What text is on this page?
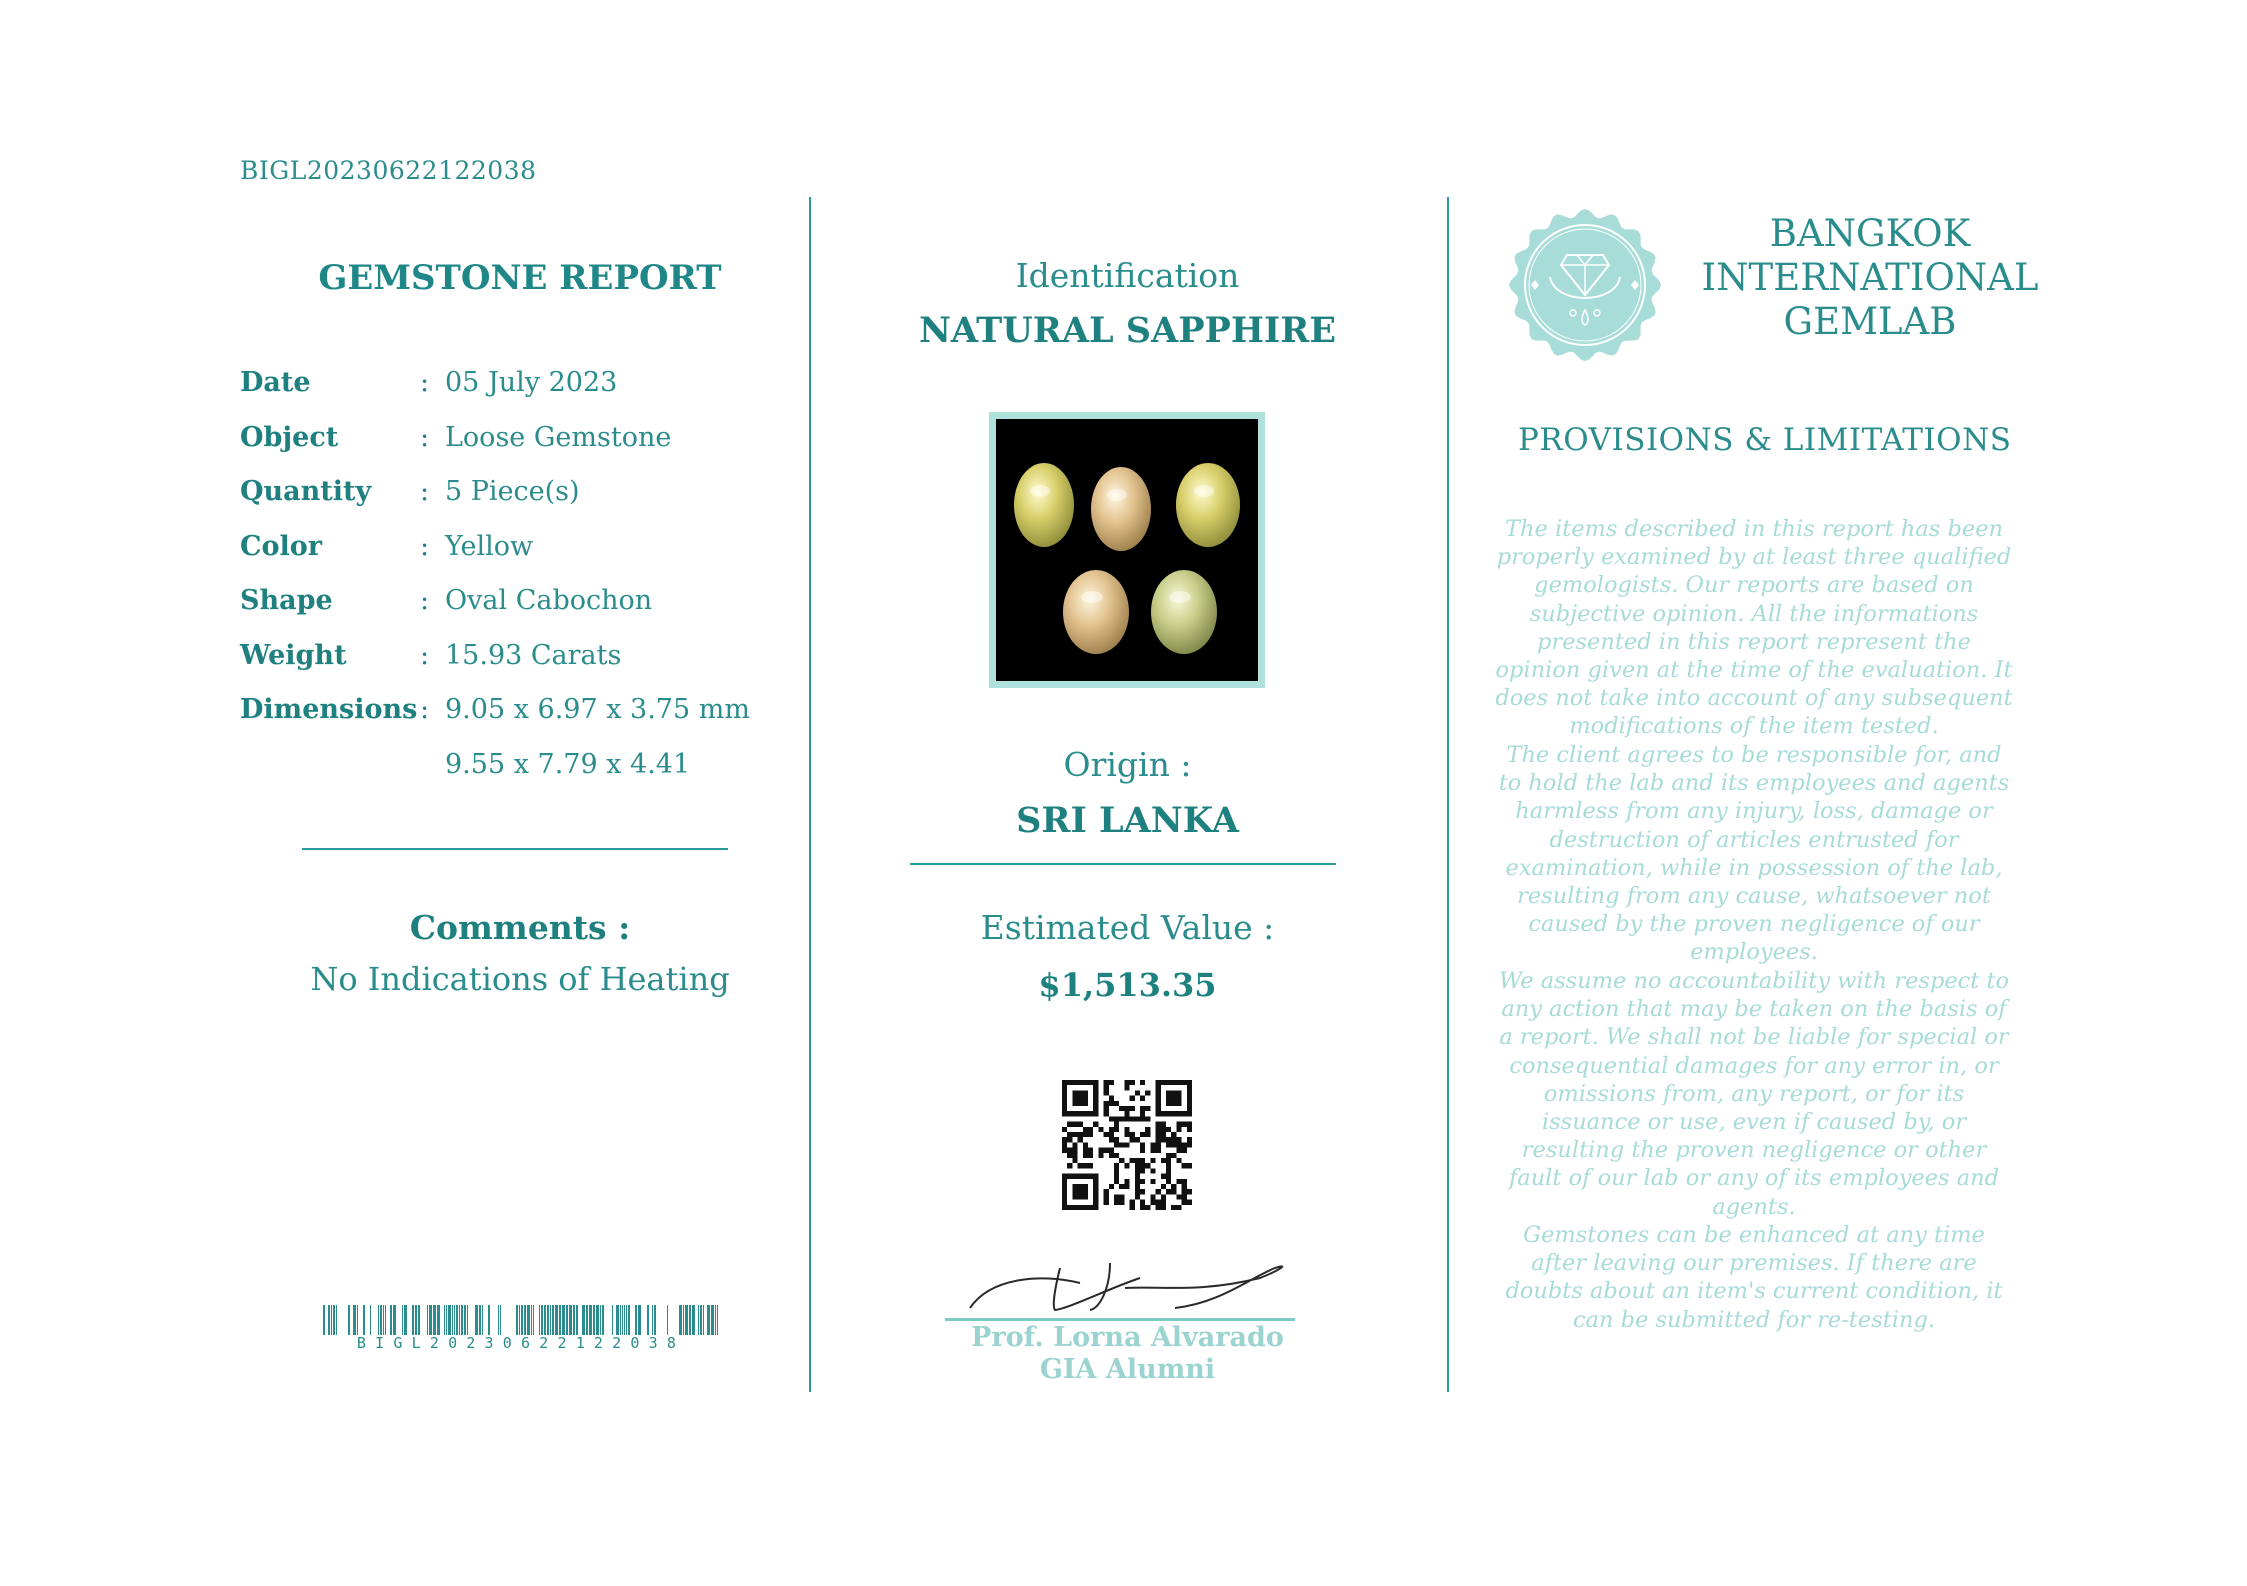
BIGL20230622122038
GEMSTONE REPORT
Date	: 05 July 2023
Object	: Loose Gemstone
Quantity : 5 Piece(s)
Color	: Yellow
Shape	: Oval Cabochon
Weight	: 15.93 Carats
Dimensions : 9.05 x 6.97 x 3.75 mm
9.55 x 7.79 x 4.41
Comments :
No Indications of Heating
BIGL20230622122038
Identification
NATURAL SAPPHIRE
Origin :
SRI LANKA
Estimated Value :
$1,513.35
Prof. Lorna Alvarado
GIA Alumni
BANGKOK
INTERNATIONAL
GEMLAB
PROVISIONS & LIMITATIONS
The items described in this report has been properly examined by at least three qualified gemologists. Our reports are based on subjective opinion. All the informations presented in this report represent the opinion given at the time of the evaluation. It does not take into account of any subsequent modifications of the item tested.
The client agrees to be responsible for, and to hold the lab and its employees and agents harmless from any injury, loss, damage or destruction of articles entrusted for examination, while in possession of the lab, resulting from any cause, whatsoever not caused by the proven negligence of our employees.
We assume no accountability with respect to any action that may be taken on the basis of a report. We shall not be liable for special or consequential damages for any error in, or omissions from, any report, or for its issuance or use, even if caused by, or resulting the proven negligence or other fault of our lab or any of its employees and agents.
Gemstones can be enhanced at any time after leaving our premises. If there are doubts about an item's current condition, it can be submitted for re-testing.
